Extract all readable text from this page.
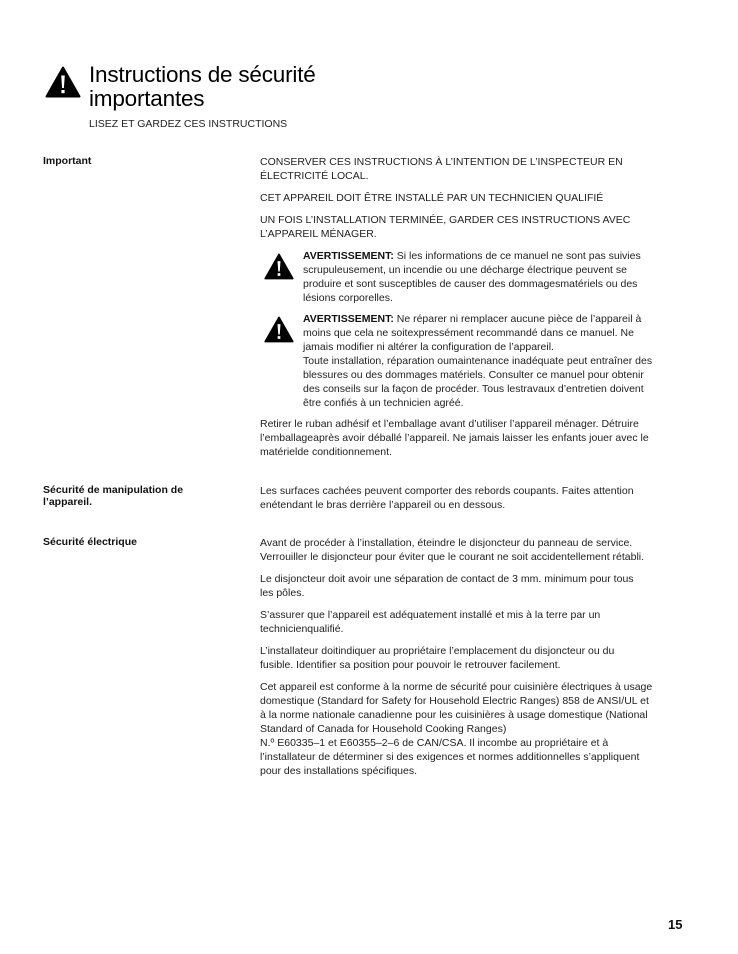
Instructions de sécurité
importantes
LISEZ ET GARDEZ CES INSTRUCTIONS
Important	CONSERVER CES INSTRUCTIONS À L’INTENTION DE L’INSPECTEUR EN
ÉLECTRICITÉ LOCAL.

CET APPAREIL DOIT ÊTRE INSTALLÉ PAR UN TECHNICIEN QUALIFIÉ

UN FOIS L’INSTALLATION TERMINÉE, GARDER CES INSTRUCTIONS AVEC
L’APPAREIL MÉNAGER.

AVERTISSEMENT: Si les informations de ce manuel ne sont pas suivies
scrupuleusement, un incendie ou une décharge électrique peuvent se
produire et sont susceptibles de causer des dommagesmatériels ou des
lésions corporelles.
AVERTISSEMENT: Ne réparer ni remplacer aucune pièce de l’appareil à
moins que cela ne soitexpressément recommandé dans ce manuel. Ne
jamais modifier ni altérer la configuration de l’appareil.
Toute installation, réparation oumaintenance inadéquate peut entraîner des
blessures ou des dommages matériels. Consulter ce manuel pour obtenir
des conseils sur la façon de procéder. Tous lestravaux d’entretien doivent
être confiés à un technicien agréé.

Retirer le ruban adhésif et l’emballage avant d’utiliser l’appareil ménager. Détruire
l’emballageaprès avoir déballé l’appareil. Ne jamais laisser les enfants jouer avec le
matérielde conditionnement.

Sécurité de manipulation de
l’appareil.

Les surfaces cachées peuvent comporter des rebords coupants. Faites attention
enétendant le bras derrière l’appareil ou en dessous.

Sécurité électrique	Avant de procéder à l’installation, éteindre le disjoncteur du panneau de service.
Verrouiller le disjoncteur pour éviter que le courant ne soit accidentellement rétabli.

Le disjoncteur doit avoir une séparation de contact de 3 mm. minimum pour tous
les pôles.

S’assurer que l’appareil est adéquatement installé et mis à la terre par un
technicienqualifié.

L’installateur doitindiquer au propriétaire l’emplacement du disjoncteur ou du
fusible. Identifier sa position pour pouvoir le retrouver facilement.

Cet appareil est conforme à la norme de sécurité pour cuisinière électriques à usage
domestique (Standard for Safety for Household Electric Ranges) 858 de ANSI/UL et
à la norme nationale canadienne pour les cuisinières à usage domestique (National
Standard of Canada for Household Cooking Ranges)
N.º E60335–1 et E60355–2–6 de CAN/CSA. Il incombe au propriétaire et à
l’installateur de déterminer si des exigences et normes additionnelles s’appliquent
pour des installations spécifiques.

15
